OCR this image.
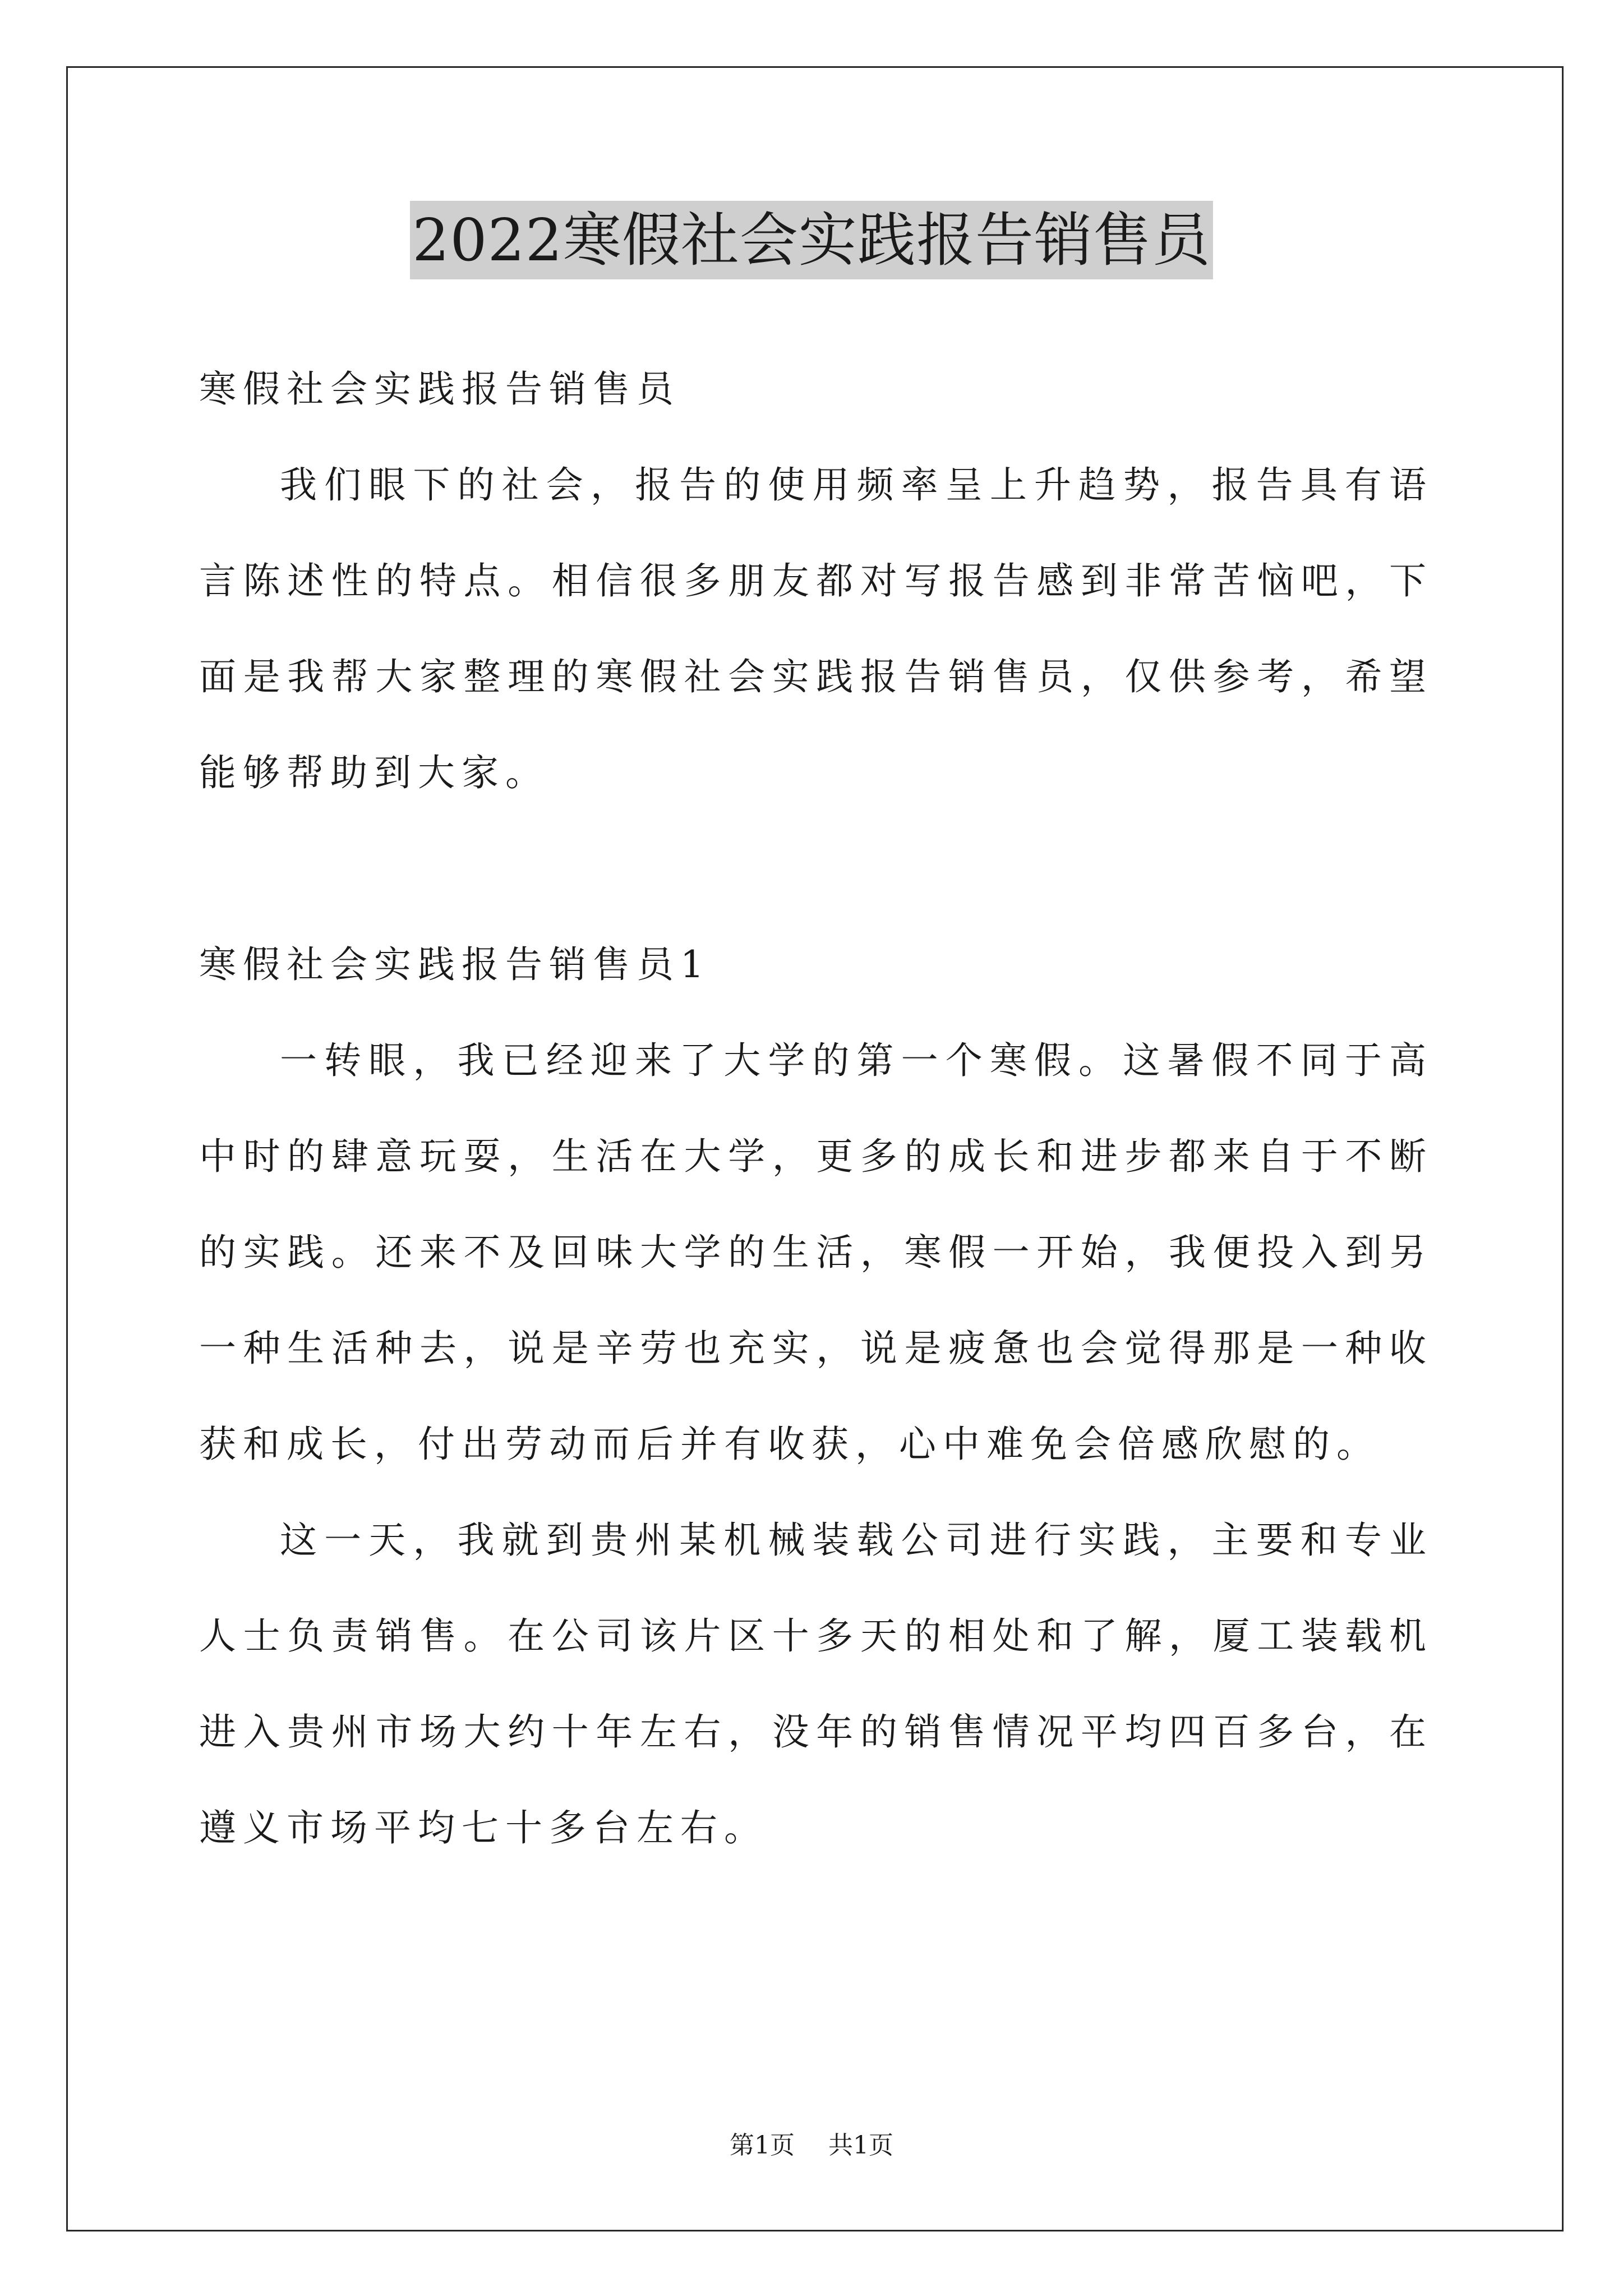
2022寒假社会实践报告销售员

寒假社会实践报告销售员

我们眼下的社会，报告的使用频率呈上升趋势，报告具有语言陈述性的特点。相信很多朋友都对写报告感到非常苦恼吧，下面是我帮大家整理的寒假社会实践报告销售员，仅供参考，希望能够帮助到大家。

寒假社会实践报告销售员1

一转眼，我已经迎来了大学的第一个寒假。这暑假不同于高中时的肆意玩耍，生活在大学，更多的成长和进步都来自于不断的实践。还来不及回味大学的生活，寒假一开始，我便投入到另一种生活种去，说是辛劳也充实，说是疲惫也会觉得那是一种收获和成长，付出劳动而后并有收获，心中难免会倍感欣慰的。

这一天，我就到贵州某机械装载公司进行实践，主要和专业人士负责销售。在公司该片区十多天的相处和了解，厦工装载机进入贵州市场大约十年左右，没年的销售情况平均四百多台，在遵义市场平均七十多台左右。

第1页 共1页
